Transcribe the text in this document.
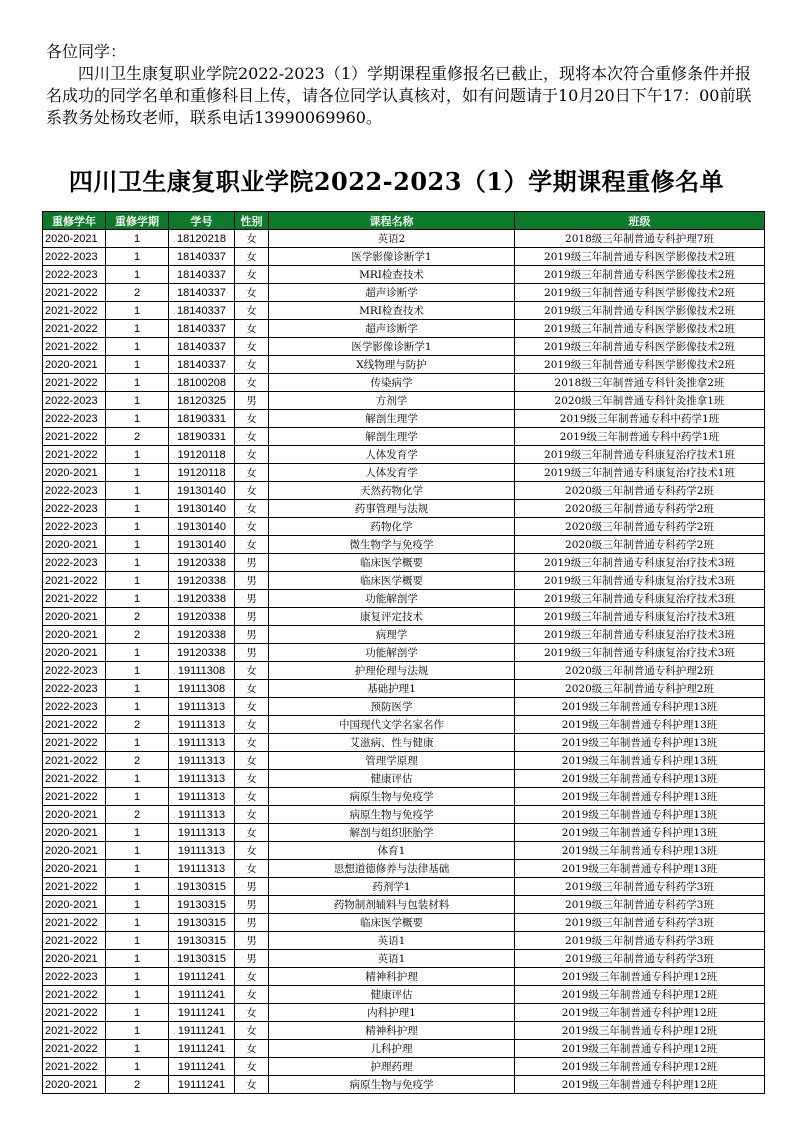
各位同学：

四川卫生康复职业学院2022-2023（1）学期课程重修报名已截止，现将本次符合重修条件并报名成功的同学名单和重修科目上传，请各位同学认真核对，如有问题请于10月20日下午17：00前联系教务处杨玫老师，联系电话13990069960。

四川卫生康复职业学院2022-2023（1）学期课程重修名单
重修学年	重修学期	学号	性别	课程名称	班级
2020-2021	1	18120218	女	英语2	2018级三年制普通专科护理7班
2022-2023	1	18140337	女	医学影像诊断学1	2019级三年制普通专科医学影像技术2班
2022-2023	1	18140337	女	MRI检查技术	2019级三年制普通专科医学影像技术2班
2021-2022	2	18140337	女	超声诊断学	2019级三年制普通专科医学影像技术2班
2021-2022	1	18140337	女	MRI检查技术	2019级三年制普通专科医学影像技术2班
2021-2022	1	18140337	女	超声诊断学	2019级三年制普通专科医学影像技术2班
2021-2022	1	18140337	女	医学影像诊断学1	2019级三年制普通专科医学影像技术2班
2020-2021	1	18140337	女	X线物理与防护	2019级三年制普通专科医学影像技术2班
2021-2022	1	18100208	女	传染病学	2018级三年制普通专科针灸推拿2班
2022-2023	1	18120325	男	方剂学	2020级三年制普通专科针灸推拿1班
2022-2023	1	18190331	女	解剖生理学	2019级三年制普通专科中药学1班
2021-2022	2	18190331	女	解剖生理学	2019级三年制普通专科中药学1班
2021-2022	1	19120118	女	人体发育学	2019级三年制普通专科康复治疗技术1班
2020-2021	1	19120118	女	人体发育学	2019级三年制普通专科康复治疗技术1班
2022-2023	1	19130140	女	天然药物化学	2020级三年制普通专科药学2班
2022-2023	1	19130140	女	药事管理与法规	2020级三年制普通专科药学2班
2022-2023	1	19130140	女	药物化学	2020级三年制普通专科药学2班
2020-2021	1	19130140	女	微生物学与免疫学	2020级三年制普通专科药学2班
2022-2023	1	19120338	男	临床医学概要	2019级三年制普通专科康复治疗技术3班
2021-2022	1	19120338	男	临床医学概要	2019级三年制普通专科康复治疗技术3班
2021-2022	1	19120338	男	功能解剖学	2019级三年制普通专科康复治疗技术3班
2020-2021	2	19120338	男	康复评定技术	2019级三年制普通专科康复治疗技术3班
2020-2021	2	19120338	男	病理学	2019级三年制普通专科康复治疗技术3班
2020-2021	1	19120338	男	功能解剖学	2019级三年制普通专科康复治疗技术3班
2022-2023	1	19111308	女	护理伦理与法规	2020级三年制普通专科护理2班
2022-2023	1	19111308	女	基础护理1	2020级三年制普通专科护理2班
2022-2023	1	19111313	女	预防医学	2019级三年制普通专科护理13班
2021-2022	2	19111313	女	中国现代文学名家名作	2019级三年制普通专科护理13班
2021-2022	1	19111313	女	艾滋病、性与健康	2019级三年制普通专科护理13班
2021-2022	2	19111313	女	管理学原理	2019级三年制普通专科护理13班
2021-2022	1	19111313	女	健康评估	2019级三年制普通专科护理13班
2021-2022	1	19111313	女	病原生物与免疫学	2019级三年制普通专科护理13班
2020-2021	2	19111313	女	病原生物与免疫学	2019级三年制普通专科护理13班
2020-2021	1	19111313	女	解剖与组织胚胎学	2019级三年制普通专科护理13班
2020-2021	1	19111313	女	体育1	2019级三年制普通专科护理13班
2020-2021	1	19111313	女	思想道德修养与法律基础	2019级三年制普通专科护理13班
2021-2022	1	19130315	男	药剂学1	2019级三年制普通专科药学3班
2020-2021	1	19130315	男	药物制剂辅料与包装材料	2019级三年制普通专科药学3班
2021-2022	1	19130315	男	临床医学概要	2019级三年制普通专科药学3班
2021-2022	1	19130315	男	英语1	2019级三年制普通专科药学3班
2020-2021	1	19130315	男	英语1	2019级三年制普通专科药学3班
2022-2023	1	19111241	女	精神科护理	2019级三年制普通专科护理12班
2021-2022	1	19111241	女	健康评估	2019级三年制普通专科护理12班
2021-2022	1	19111241	女	内科护理1	2019级三年制普通专科护理12班
2021-2022	1	19111241	女	精神科护理	2019级三年制普通专科护理12班
2021-2022	1	19111241	女	儿科护理	2019级三年制普通专科护理12班
2021-2022	1	19111241	女	护理药理	2019级三年制普通专科护理12班
2020-2021	2	19111241	女	病原生物与免疫学	2019级三年制普通专科护理12班
